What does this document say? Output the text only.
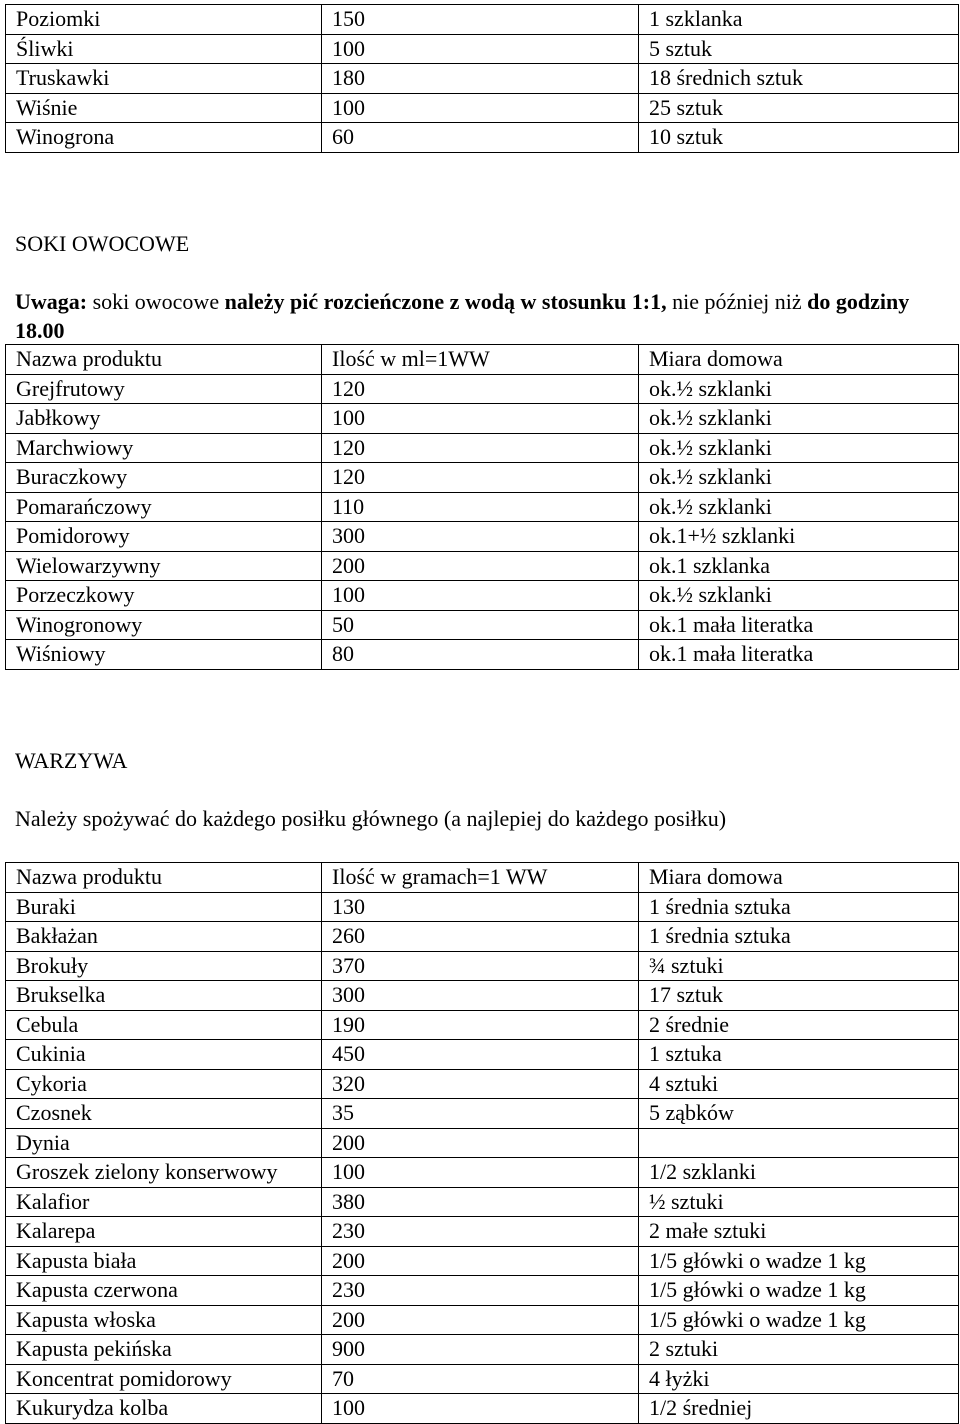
Poziomki	150	1 szklanka
Śliwki	100	5 sztuk
Truskawki	180	18 średnich sztuk
Wiśnie	100	25 sztuk
Winogrona	60	10 sztuk
SOKI OWOCOWE
Uwaga: soki owocowe należy pić rozcieńczone z wodą w stosunku 1:1, nie później niż do godziny 18.00
Nazwa produktu	Ilość w ml=1WW	Miara domowa
Grejfrutowy	120	ok.½ szklanki
Jabłkowy	100	ok.½ szklanki
Marchwiowy	120	ok.½ szklanki
Buraczkowy	120	ok.½ szklanki
Pomarańczowy	110	ok.½ szklanki
Pomidorowy	300	ok.1+½ szklanki
Wielowarzywny	200	ok.1 szklanka
Porzeczkowy	100	ok.½ szklanki
Winogronowy	50	ok.1 mała literatka
Wiśniowy	80	ok.1 mała literatka
WARZYWA
Należy spożywać do każdego posiłku głównego (a najlepiej do każdego posiłku)
Nazwa produktu	Ilość w gramach=1 WW	Miara domowa
Buraki	130	1 średnia sztuka
Bakłażan	260	1 średnia sztuka
Brokuły	370	¾ sztuki
Brukselka	300	17 sztuk
Cebula	190	2 średnie
Cukinia	450	1 sztuka
Cykoria	320	4 sztuki
Czosnek	35	5 ząbków
Dynia	200	
Groszek zielony konserwowy	100	1/2 szklanki
Kalafior	380	½ sztuki
Kalarepa	230	2 małe sztuki
Kapusta biała	200	1/5 główki o wadze 1 kg
Kapusta czerwona	230	1/5 główki o wadze 1 kg
Kapusta włoska	200	1/5 główki o wadze 1 kg
Kapusta pekińska	900	2 sztuki
Koncentrat pomidorowy	70	4 łyżki
Kukurydza kolba	100	1/2 średniej
